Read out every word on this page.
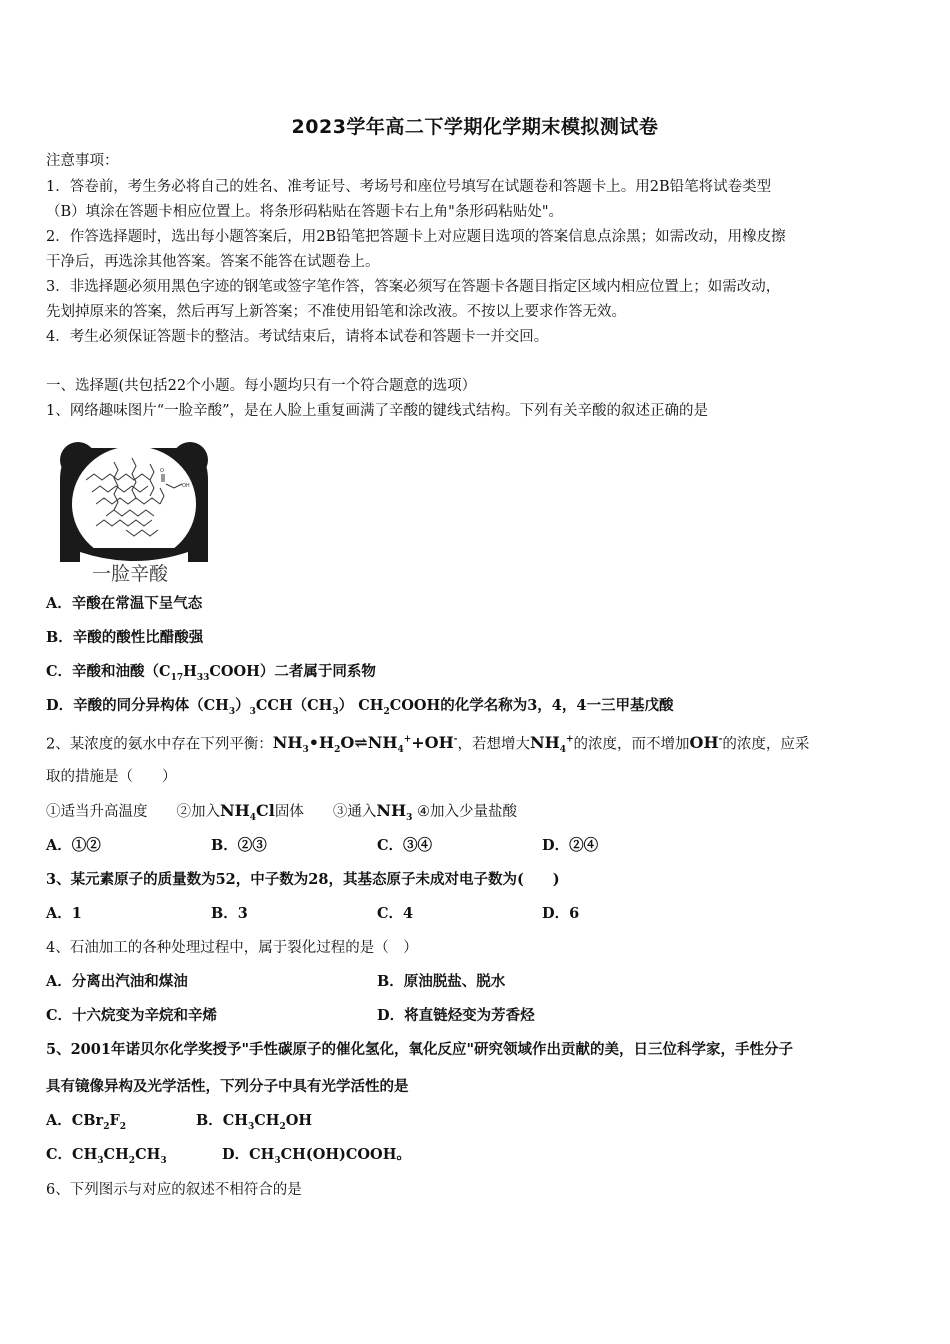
2023学年高二下学期化学期末模拟测试卷
注意事项：
1．答卷前，考生务必将自己的姓名、准考证号、考场号和座位号填写在试题卷和答题卡上。用2B铅笔将试卷类型
（B）填涂在答题卡相应位置上。将条形码粘贴在答题卡右上角"条形码粘贴处"。
2．作答选择题时，选出每小题答案后，用2B铅笔把答题卡上对应题目选项的答案信息点涂黑；如需改动，用橡皮擦
干净后，再选涂其他答案。答案不能答在试题卷上。
3．非选择题必须用黑色字迹的钢笔或签字笔作答，答案必须写在答题卡各题目指定区域内相应位置上；如需改动，
先划掉原来的答案，然后再写上新答案；不准使用铅笔和涂改液。不按以上要求作答无效。
4．考生必须保证答题卡的整洁。考试结束后，请将本试卷和答题卡一并交回。
一、选择题(共包括22个小题。每小题均只有一个符合题意的选项）
1、网络趣味图片“一脸辛酸”，是在人脸上重复画满了辛酸的键线式结构。下列有关辛酸的叙述正确的是
O
OH
一脸辛酸
A．辛酸在常温下呈气态
B．辛酸的酸性比醋酸强
C．辛酸和油酸$(C_{17}H_{33}COOH)$二者属于同系物
D．辛酸的同分异构体$(CH_3)_3CCH(CH_3)$ $CH_2COOH$的化学名称为3，4，4一三甲基戊酸
2、某浓度的氨水中存在下列平衡：$NH_3•H_2O\rightleftharpoons NH_4^++OH^-$，若想增大$NH_4^+$的浓度，而不增加OH-的浓度，应采
取的措施是（　　）
①适当升高温度　　②加入$NH_4Cl$固体　　③通入$NH_3$ ④加入少量盐酸
A．①②	B．②③	C．③④	D．②④
3、某元素原子的质量数为52，中子数为28，其基态原子未成对电子数为(　　)
A．1	B．3	C．4	D．6
4、石油加工的各种处理过程中，属于裂化过程的是（　）
A．分离出汽油和煤油	B．原油脱盐、脱水
C．十六烷变为辛烷和辛烯	D．将直链烃变为芳香烃
5、2001年诺贝尔化学奖授予"手性碳原子的催化氢化，氧化反应"研究领域作出贡献的美，日三位科学家，手性分子
具有镜像异构及光学活性，下列分子中具有光学活性的是
A．$CBr_2F_2$	B．$CH_3CH_2OH$
C．$CH_3CH_2CH_3$	D．$CH_3CH(OH)COOH$。
6、下列图示与对应的叙述不相符合的是
